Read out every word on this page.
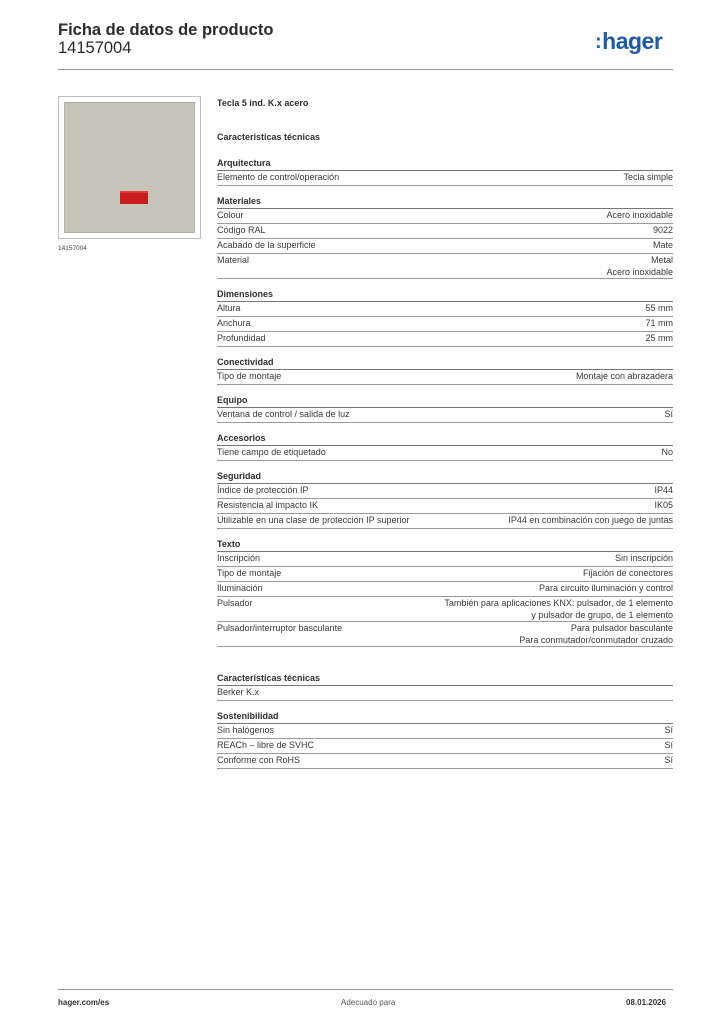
Ficha de datos de producto
14157004	:hager
14157004
Tecla 5 ind. K.x acero
Características técnicas
Arquitectura
Elemento de control/operación	Tecla simple
Materiales
Colour	Acero inoxidable
Código RAL	9022
Acabado de la superficie	Mate
Material	Metal
Acero inoxidable
Dimensiones
Altura	55 mm
Anchura	71 mm
Profundidad	25 mm
Conectividad
Tipo de montaje	Montaje con abrazadera
Equipo
Ventana de control / salida de luz	Sí
Accesorios
Tiene campo de etiquetado	No
Seguridad
Índice de protección IP	IP44
Resistencia al impacto IK	IK05
Utilizable en una clase de protección IP superior	IP44 en combinación con juego de juntas
Texto
Inscripción	Sin inscripción
Tipo de montaje	Fijación de conectores
Iluminación	Para circuito iluminación y control
Pulsador	También para aplicaciones KNX: pulsador, de 1 elemento
y pulsador de grupo, de 1 elemento
Pulsador/interruptor basculante	Para pulsador basculante
Para conmutador/conmutador cruzado
Características técnicas
Berker K.x
Sostenibilidad
Sin halógenos	Sí
REACh – libre de SVHC	Sí
Conforme con RoHS	Sí
hager.com/es	Adecuado para	08.01.2026
